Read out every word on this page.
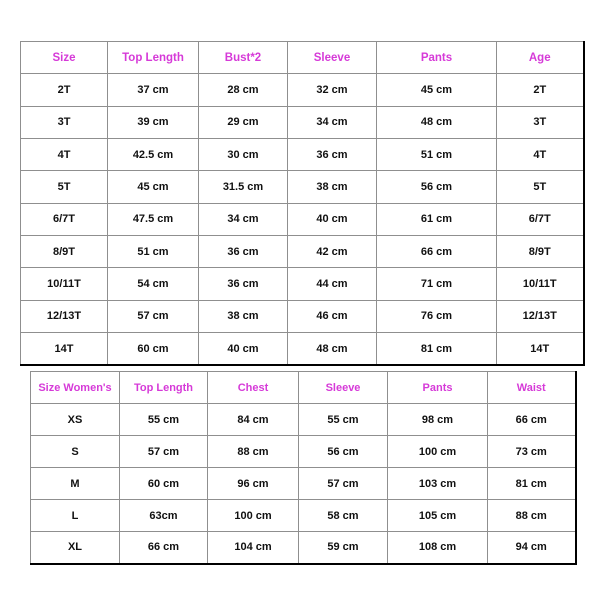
Size	Top Length	Bust*2	Sleeve	Pants	Age
2T	37 cm	28 cm	32 cm	45 cm	2T
3T	39 cm	29 cm	34 cm	48 cm	3T
4T	42.5 cm	30 cm	36 cm	51 cm	4T
5T	45 cm	31.5 cm	38 cm	56 cm	5T
6/7T	47.5 cm	34 cm	40 cm	61 cm	6/7T
8/9T	51 cm	36 cm	42 cm	66 cm	8/9T
10/11T	54 cm	36 cm	44 cm	71 cm	10/11T
12/13T	57 cm	38 cm	46 cm	76 cm	12/13T
14T	60 cm	40 cm	48 cm	81 cm	14T
Size Women's	Top Length	Chest	Sleeve	Pants	Waist
XS	55 cm	84 cm	55 cm	98 cm	66 cm
S	57 cm	88 cm	56 cm	100 cm	73 cm
M	60 cm	96 cm	57 cm	103 cm	81 cm
L	63cm	100 cm	58 cm	105 cm	88 cm
XL	66 cm	104 cm	59 cm	108 cm	94 cm
